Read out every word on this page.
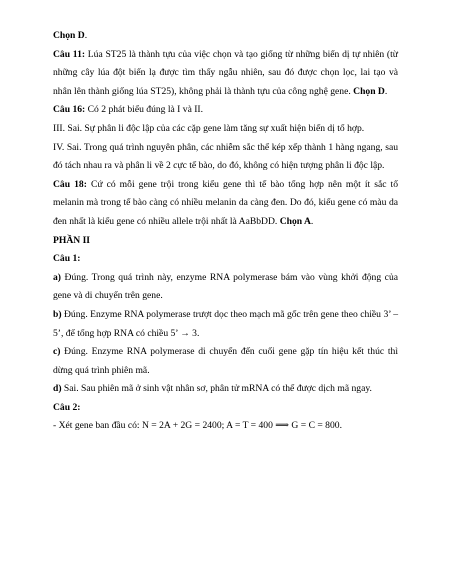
Chọn D.

Câu 11: Lúa ST25 là thành tựu của việc chọn và tạo giống từ những biến dị tự nhiên (từ những cây lúa đột biến lạ được tìm thấy ngẫu nhiên, sau đó được chọn lọc, lai tạo và nhân lên thành giống lúa ST25), không phải là thành tựu của công nghệ gene. Chọn D.

Câu 16: Có 2 phát biểu đúng là I và II.

III. Sai. Sự phân li độc lập của các cặp gene làm tăng sự xuất hiện biến dị tổ hợp.

IV. Sai. Trong quá trình nguyên phân, các nhiễm sắc thể kép xếp thành 1 hàng ngang, sau đó tách nhau ra và phân li về 2 cực tế bào, do đó, không có hiện tượng phân li độc lập.

Câu 18: Cứ có mỗi gene trội trong kiểu gene thì tế bào tổng hợp nên một ít sắc tố melanin mà trong tế bào càng có nhiều melanin da càng đen. Do đó, kiểu gene có màu da đen nhất là kiểu gene có nhiều allele trội nhất là AaBbDD. Chọn A.

PHẦN II

Câu 1:

a) Đúng. Trong quá trình này, enzyme RNA polymerase bám vào vùng khởi động của gene và di chuyển trên gene.

b) Đúng. Enzyme RNA polymerase trượt dọc theo mạch mã gốc trên gene theo chiều 3’ – 5’, để tổng hợp RNA có chiều 5’ → 3.

c) Đúng. Enzyme RNA polymerase di chuyển đến cuối gene gặp tín hiệu kết thúc thì dừng quá trình phiên mã.

d) Sai. Sau phiên mã ở sinh vật nhân sơ, phân tử mRNA có thể được dịch mã ngay.

Câu 2:

- Xét gene ban đầu có: N = 2A + 2G = 2400; A = T = 400 ⟹ G = C = 800.
